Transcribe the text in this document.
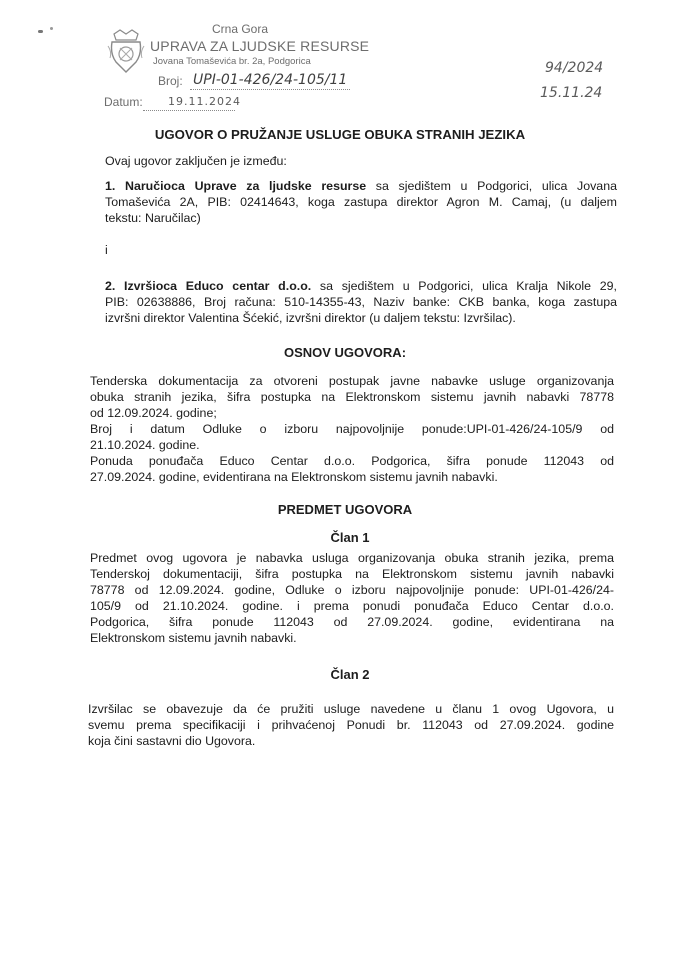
Crna Gora
UPRAVA ZA LJUDSKE RESURSE
Jovana Tomaševića br. 2a, Podgorica
Broj: UPI-01-426/24-105/11
Datum: 19.11.2024
94/2024
15.11.24
UGOVOR O PRUŽANJE USLUGE OBUKA STRANIH JEZIKA
Ovaj ugovor zaključen je između:
1. Naručioca Uprave za ljudske resurse sa sjedištem u Podgorici, ulica Jovana
Tomaševića 2A, PIB: 02414643, koga zastupa direktor Agron M. Camaj, (u daljem
tekstu: Naručilac)
i
2. Izvršioca Educo centar d.o.o. sa sjedištem u Podgorici, ulica Kralja Nikole 29,
PIB: 02638886, Broj računa: 510-14355-43, Naziv banke: CKB banka, koga zastupa
izvršni direktor Valentina Šćekić, izvršni direktor (u daljem tekstu: Izvršilac).
OSNOV UGOVORA:
Tenderska dokumentacija za otvoreni postupak javne nabavke usluge organizovanja
obuka stranih jezika, šifra postupka na Elektronskom sistemu javnih nabavki 78778
od 12.09.2024. godine;
Broj i datum Odluke o izboru najpovoljnije ponude:UPI-01-426/24-105/9 od
21.10.2024. godine.
Ponuda ponuđača Educo Centar d.o.o. Podgorica, šifra ponude 112043 od
27.09.2024. godine, evidentirana na Elektronskom sistemu javnih nabavki.
PREDMET UGOVORA
Član 1
Predmet ovog ugovora je nabavka usluga organizovanja obuka stranih jezika, prema
Tenderskoj dokumentaciji, šifra postupka na Elektronskom sistemu javnih nabavki
78778 od 12.09.2024. godine, Odluke o izboru najpovoljnije ponude: UPI-01-426/24-
105/9 od 21.10.2024. godine. i prema ponudi ponuđača Educo Centar d.o.o.
Podgorica, šifra ponude 112043 od 27.09.2024. godine, evidentirana na
Elektronskom sistemu javnih nabavki.
Član 2
Izvršilac se obavezuje da će pružiti usluge navedene u članu 1 ovog Ugovora, u
svemu prema specifikaciji i prihvaćenoj Ponudi br. 112043 od 27.09.2024. godine
koja čini sastavni dio Ugovora.
